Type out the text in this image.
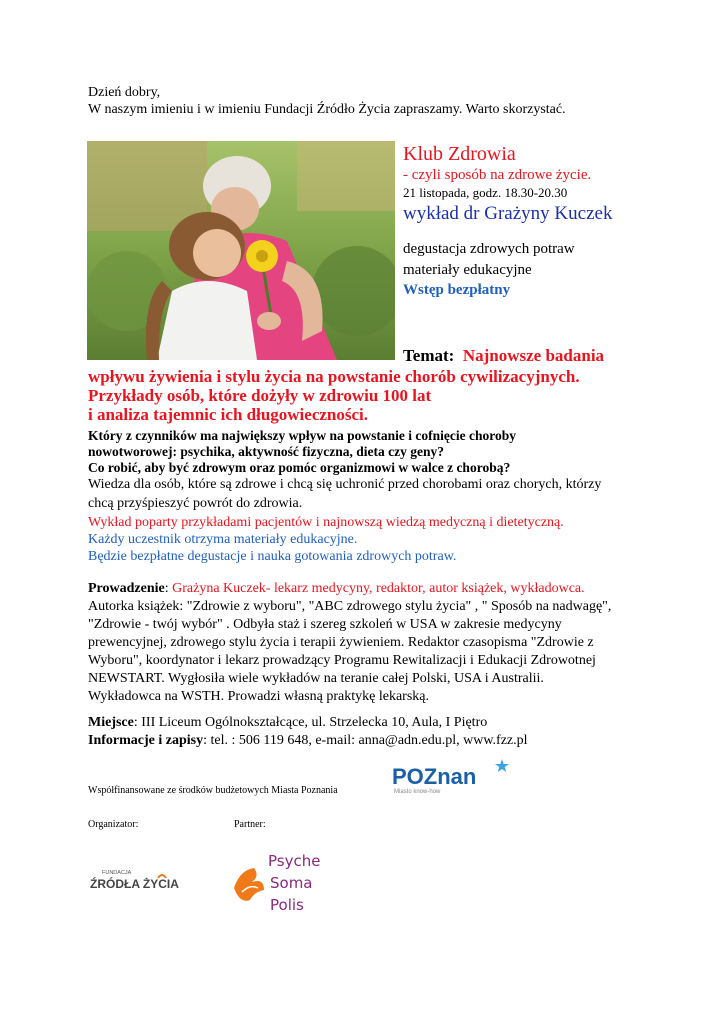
Dzień dobry,
W naszym imieniu i w imieniu Fundacji Źródło Życia zapraszamy. Warto skorzystać.
Klub Zdrowia
- czyli sposób na zdrowe życie.
21 listopada, godz. 18.30-20.30
wykład dr Grażyny Kuczek
degustacja zdrowych potraw
materiały edukacyjne
Wstęp bezpłatny
Temat: Najnowsze badania
wpływu żywienia i stylu życia na powstanie chorób cywilizacyjnych.
Przykłady osób, które dożyły w zdrowiu 100 lat
i analiza tajemnic ich długowieczności.
Który z czynników ma największy wpływ na powstanie i cofnięcie choroby
nowotworowej: psychika, aktywność fizyczna, dieta czy geny?
Co robić, aby być zdrowym oraz pomóc organizmowi w walce z chorobą?
Wiedza dla osób, które są zdrowe i chcą się uchronić przed chorobami oraz chorych, którzy
chcą przyśpieszyć powrót do zdrowia.
Wykład poparty przykładami pacjentów i najnowszą wiedzą medyczną i dietetyczną.
Każdy uczestnik otrzyma materiały edukacyjne.
Będzie bezpłatne degustacje i nauka gotowania zdrowych potraw.
Prowadzenie: Grażyna Kuczek- lekarz medycyny, redaktor, autor książek, wykładowca.
Autorka książek: "Zdrowie z wyboru", "ABC zdrowego stylu życia" , " Sposób na nadwagę",
"Zdrowie - twój wybór" . Odbyła staż i szereg szkoleń w USA w zakresie medycyny
prewencyjnej, zdrowego stylu życia i terapii żywieniem. Redaktor czasopisma "Zdrowie z
Wyboru", koordynator i lekarz prowadzący Programu Rewitalizacji i Edukacji Zdrowotnej
NEWSTART. Wygłosiła wiele wykładów na teranie całej Polski, USA i Australii.
Wykładowca na WSTH. Prowadzi własną praktykę lekarską.
Miejsce: III Liceum Ogólnokształcące, ul. Strzelecka 10, Aula, I Piętro
Informacje i zapisy: tel. : 506 119 648, e-mail: anna@adn.edu.pl, www.fzz.pl
Współfinansowane ze środków budżetowych Miasta Poznania
POZnan
Miasto know-how
Organizator:	Partner:
FUNDACJA
ŹRÓDŁA ŻYCIA
Psyche
Soma
Polis
